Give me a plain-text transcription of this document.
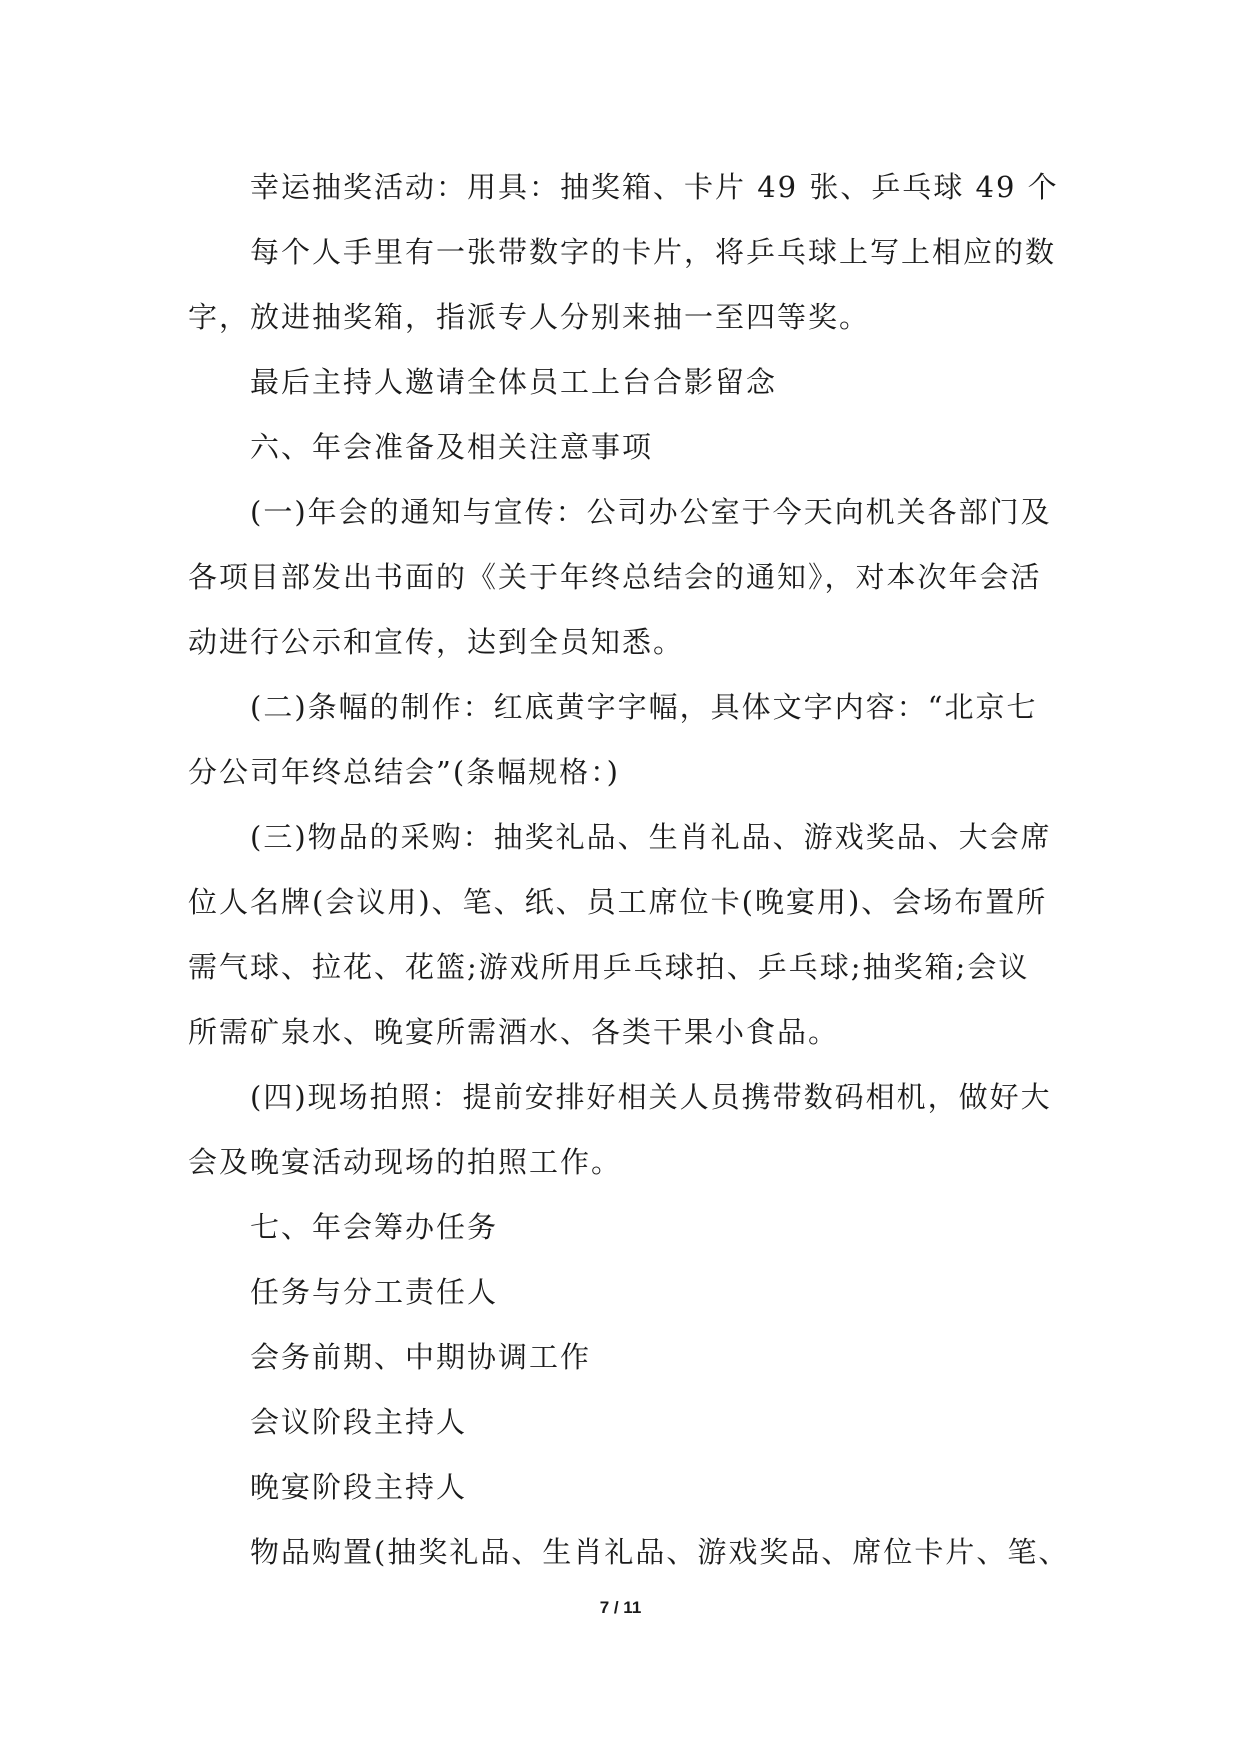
幸运抽奖活动：用具：抽奖箱、卡片 49 张、乒乓球 49 个
每个人手里有一张带数字的卡片，将乒乓球上写上相应的数
字，放进抽奖箱，指派专人分别来抽一至四等奖。
最后主持人邀请全体员工上台合影留念
六、年会准备及相关注意事项
(一)年会的通知与宣传：公司办公室于今天向机关各部门及
各项目部发出书面的《关于年终总结会的通知》，对本次年会活
动进行公示和宣传，达到全员知悉。
(二)条幅的制作：红底黄字字幅，具体文字内容：“北京七
分公司年终总结会”(条幅规格：)
(三)物品的采购：抽奖礼品、生肖礼品、游戏奖品、大会席
位人名牌(会议用)、笔、纸、员工席位卡(晚宴用)、会场布置所
需气球、拉花、花篮;游戏所用乒乓球拍、乒乓球;抽奖箱;会议
所需矿泉水、晚宴所需酒水、各类干果小食品。
(四)现场拍照：提前安排好相关人员携带数码相机，做好大
会及晚宴活动现场的拍照工作。
七、年会筹办任务
任务与分工责任人
会务前期、中期协调工作
会议阶段主持人
晚宴阶段主持人
物品购置(抽奖礼品、生肖礼品、游戏奖品、席位卡片、笔、
7 / 11
